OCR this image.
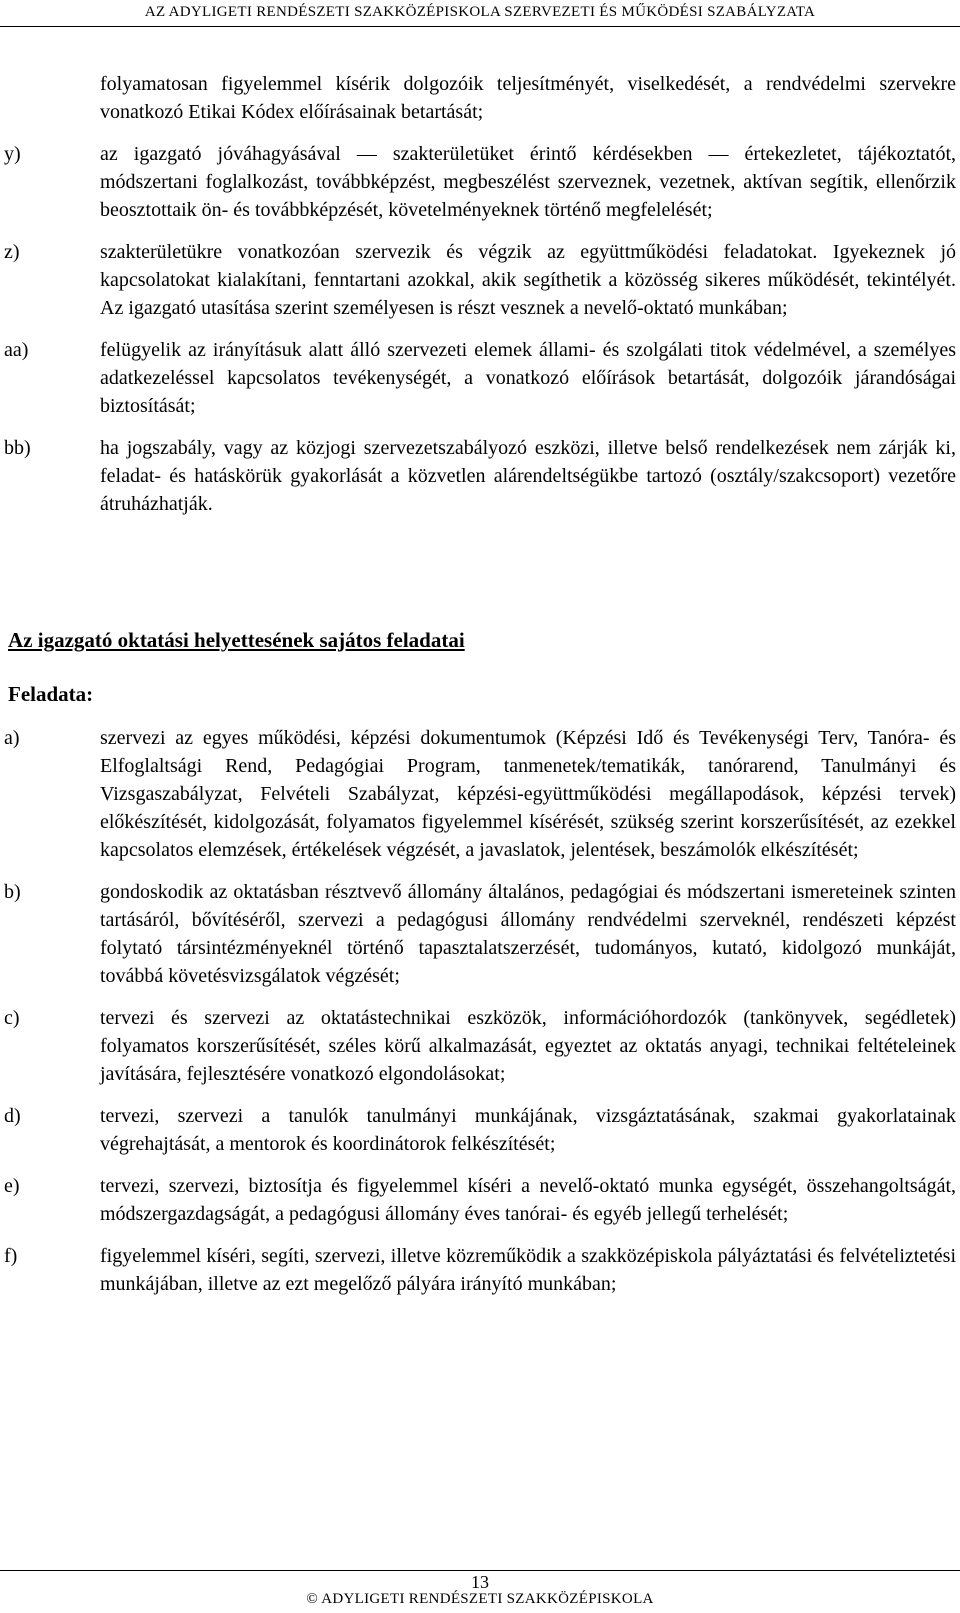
AZ ADYLIGETI RENDÉSZETI SZAKKÖZÉPISKOLA SZERVEZETI ÉS MŰKÖDÉSI SZABÁLYZATA
folyamatosan figyelemmel kísérik dolgozóik teljesítményét, viselkedését, a rendvédelmi szervekre vonatkozó Etikai Kódex előírásainak betartását;
y)	az igazgató jóváhagyásával — szakterületüket érintő kérdésekben — értekezletet, tájékoztatót, módszertani foglalkozást, továbbképzést, megbeszélést szerveznek, vezetnek, aktívan segítik, ellenőrzik beosztottaik ön- és továbbképzését, követelményeknek történő megfelelését;
z)	szakterületükre vonatkozóan szervezik és végzik az együttműködési feladatokat. Igyekeznek jó kapcsolatokat kialakítani, fenntartani azokkal, akik segíthetik a közösség sikeres működését, tekintélyét. Az igazgató utasítása szerint személyesen is részt vesznek a nevelő-oktató munkában;
aa)	felügyelik az irányításuk alatt álló szervezeti elemek állami- és szolgálati titok védelmével, a személyes adatkezeléssel kapcsolatos tevékenységét, a vonatkozó előírások betartását, dolgozóik járandóságai biztosítását;
bb)	ha jogszabály, vagy az közjogi szervezetszabályozó eszközi, illetve belső rendelkezések nem zárják ki, feladat- és hatáskörük gyakorlását a közvetlen alárendeltségükbe tartozó (osztály/szakcsoport) vezetőre átruházhatják.
Az igazgató oktatási helyettesének sajátos feladatai
Feladata:
a)	szervezi az egyes működési, képzési dokumentumok (Képzési Idő és Tevékenységi Terv, Tanóra- és Elfoglaltsági Rend, Pedagógiai Program, tanmenetek/tematikák, tanórarend, Tanulmányi és Vizsgaszabályzat, Felvételi Szabályzat, képzési-együttműködési megállapodások, képzési tervek) előkészítését, kidolgozását, folyamatos figyelemmel kísérését, szükség szerint korszerűsítését, az ezekkel kapcsolatos elemzések, értékelések végzését, a javaslatok, jelentések, beszámolók elkészítését;
b)	gondoskodik az oktatásban résztvevő állomány általános, pedagógiai és módszertani ismereteinek szinten tartásáról, bővítéséről, szervezi a pedagógusi állomány rendvédelmi szerveknél, rendészeti képzést folytató társintézményeknél történő tapasztalatszerzését, tudományos, kutató, kidolgozó munkáját, továbbá követésvizsgálatok végzését;
c)	tervezi és szervezi az oktatástechnikai eszközök, információhordozók (tankönyvek, segédletek) folyamatos korszerűsítését, széles körű alkalmazását, egyeztet az oktatás anyagi, technikai feltételeinek javítására, fejlesztésére vonatkozó elgondolásokat;
d)	tervezi, szervezi a tanulók tanulmányi munkájának, vizsgáztatásának, szakmai gyakorlatainak végrehajtását, a mentorok és koordinátorok felkészítését;
e)	tervezi, szervezi, biztosítja és figyelemmel kíséri a nevelő-oktató munka egységét, összehangoltságát, módszergazdagságát, a pedagógusi állomány éves tanórai- és egyéb jellegű terhelését;
f)	figyelemmel kíséri, segíti, szervezi, illetve közreműködik a szakközépiskola pályáztatási és felvételiztetési munkájában, illetve az ezt megelőző pályára irányító munkában;
13
© ADYLIGETI RENDÉSZETI SZAKKÖZÉPISKOLA
